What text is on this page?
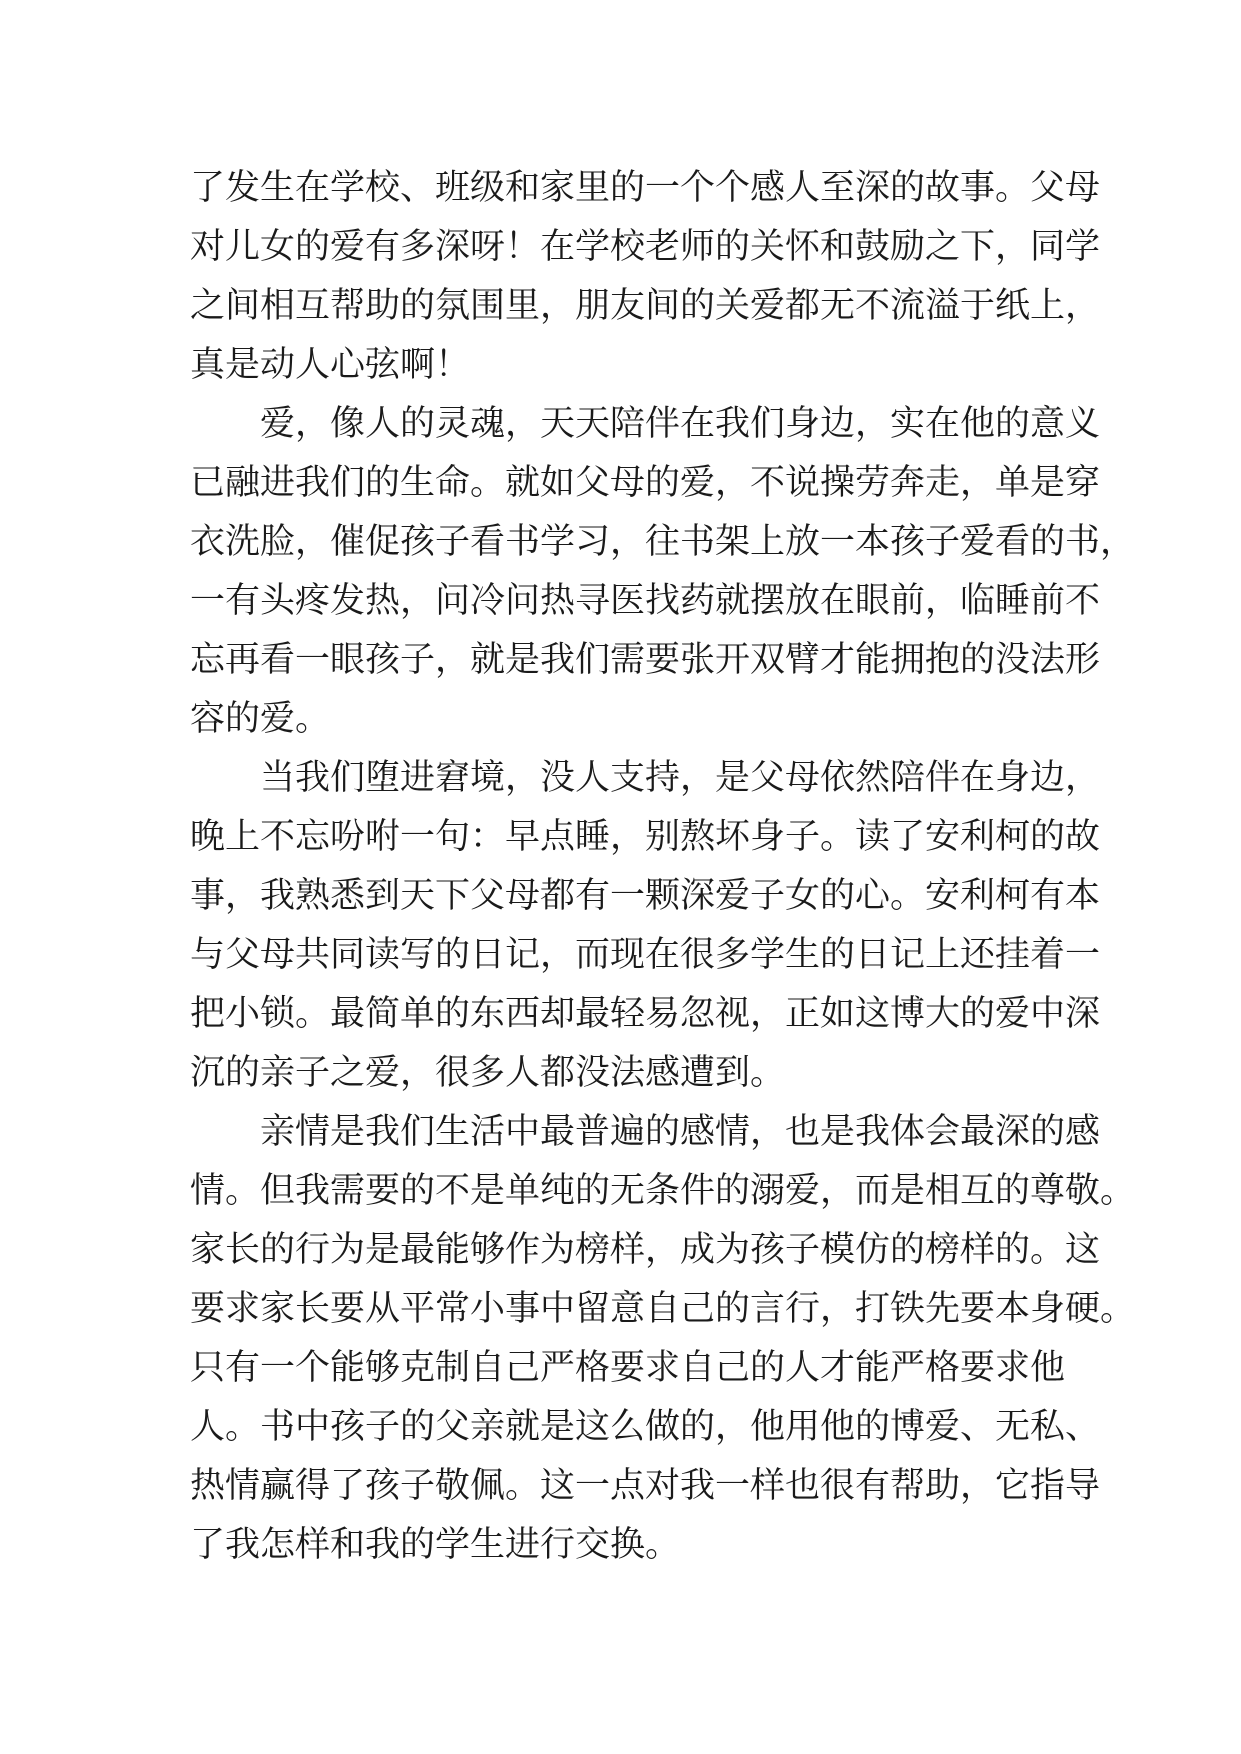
了发生在学校、班级和家里的一个个感人至深的故事。父母
对儿女的爱有多深呀！在学校老师的关怀和鼓励之下，同学
之间相互帮助的氛围里，朋友间的关爱都无不流溢于纸上，
真是动人心弦啊！

爱，像人的灵魂，天天陪伴在我们身边，实在他的意义
已融进我们的生命。就如父母的爱，不说操劳奔走，单是穿
衣洗脸，催促孩子看书学习，往书架上放一本孩子爱看的书，
一有头疼发热，问冷问热寻医找药就摆放在眼前，临睡前不
忘再看一眼孩子，就是我们需要张开双臂才能拥抱的没法形
容的爱。

当我们堕进窘境，没人支持，是父母依然陪伴在身边，
晚上不忘吩咐一句：早点睡，别熬坏身子。读了安利柯的故
事，我熟悉到天下父母都有一颗深爱子女的心。安利柯有本
与父母共同读写的日记，而现在很多学生的日记上还挂着一
把小锁。最简单的东西却最轻易忽视，正如这博大的爱中深
沉的亲子之爱，很多人都没法感遭到。

亲情是我们生活中最普遍的感情，也是我体会最深的感
情。但我需要的不是单纯的无条件的溺爱，而是相互的尊敬。
家长的行为是最能够作为榜样，成为孩子模仿的榜样的。这
要求家长要从平常小事中留意自己的言行，打铁先要本身硬。
只有一个能够克制自己严格要求自己的人才能严格要求他
人。书中孩子的父亲就是这么做的，他用他的博爱、无私、
热情赢得了孩子敬佩。这一点对我一样也很有帮助，它指导
了我怎样和我的学生进行交换。
